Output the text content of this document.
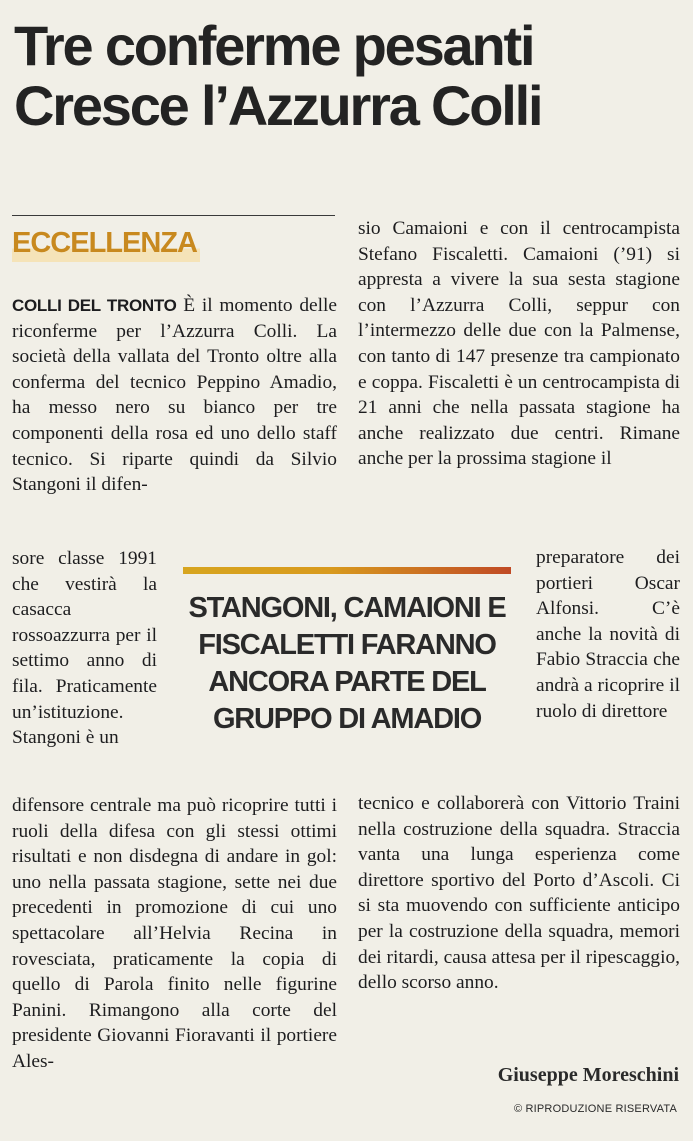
Tre conferme pesanti
Cresce l’Azzurra Colli
ECCELLENZA

COLLI DEL TRONTO È il momento delle riconferme per l’Azzurra Colli. La società della vallata del Tronto oltre alla conferma del tecnico Peppino Amadio, ha messo nero su bianco per tre componenti della rosa ed uno dello staff tecnico. Si riparte quindi da Silvio Stangoni il difen-

sore classe 1991 che vestirà la casacca rossoazzurra per il settimo anno di fila. Praticamente un’istituzione. Stangoni è un

difensore centrale ma può ricoprire tutti i ruoli della difesa con gli stessi ottimi risultati e non disdegna di andare in gol: uno nella passata stagione, sette nei due precedenti in promozione di cui uno spettacolare all’Helvia Recina in rovesciata, praticamente la copia di quello di Parola finito nelle figurine Panini. Rimangono alla corte del presidente Giovanni Fioravanti il portiere Ales-

sio Camaioni e con il centrocampista Stefano Fiscaletti. Camaioni (’91) si appresta a vivere la sua sesta stagione con l’Azzurra Colli, seppur con l’intermezzo delle due con la Palmense, con tanto di 147 presenze tra campionato e coppa. Fiscaletti è un centrocampista di 21 anni che nella passata stagione ha anche realizzato due centri. Rimane anche per la prossima stagione il

preparatore dei portieri Oscar Alfonsi. C’è anche la novità di Fabio Straccia che andrà a ricoprire il ruolo di direttore

tecnico e collaborerà con Vittorio Traini nella costruzione della squadra. Straccia vanta una lunga esperienza come direttore sportivo del Porto d’Ascoli. Ci si sta muovendo con sufficiente anticipo per la costruzione della squadra, memori dei ritardi, causa attesa per il ripescaggio, dello scorso anno.

STANGONI, CAMAIONI E FISCALETTI FARANNO ANCORA PARTE DEL GRUPPO DI AMADIO
Giuseppe Moreschini
© RIPRODUZIONE RISERVATA
